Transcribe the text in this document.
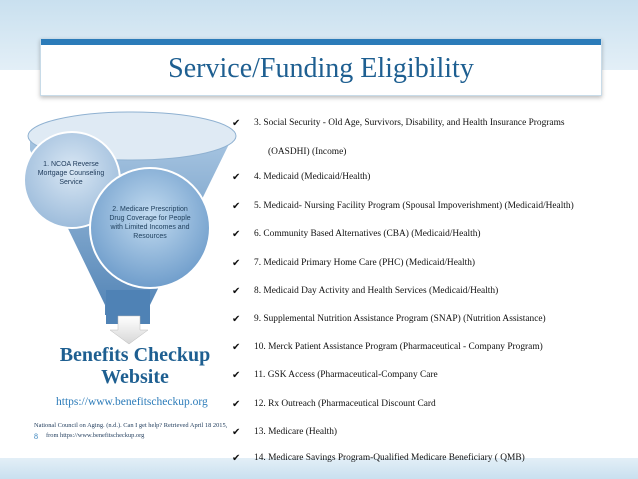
Service/Funding Eligibility
1. NCOA Reverse Mortgage Counseling Service
2. Medicare Prescription Drug Coverage for People with Limited Incomes and Resources
Benefits Checkup
Website
https://www.benefitscheckup.org
National Council on Aging. (n.d.). Can I get help? Retrieved April 18 2015,
from https://www.benefitscheckup.org
8
✔	3. Social Security - Old Age, Survivors, Disability, and Health Insurance Programs
(OASDHI) (Income)
✔	4. Medicaid (Medicaid/Health)
✔	5. Medicaid- Nursing Facility Program (Spousal Impoverishment) (Medicaid/Health)
✔	6. Community Based Alternatives (CBA) (Medicaid/Health)
✔	7. Medicaid Primary Home Care (PHC) (Medicaid/Health)
✔	8. Medicaid Day Activity and Health Services (Medicaid/Health)
✔	9. Supplemental Nutrition Assistance Program (SNAP) (Nutrition Assistance)
✔	10. Merck Patient Assistance Program (Pharmaceutical - Company Program)
✔	11. GSK Access (Pharmaceutical-Company Care
✔	12. Rx Outreach (Pharmaceutical Discount Card
✔	13. Medicare (Health)
✔	14. Medicare Savings Program-Qualified Medicare Beneficiary ( QMB)
